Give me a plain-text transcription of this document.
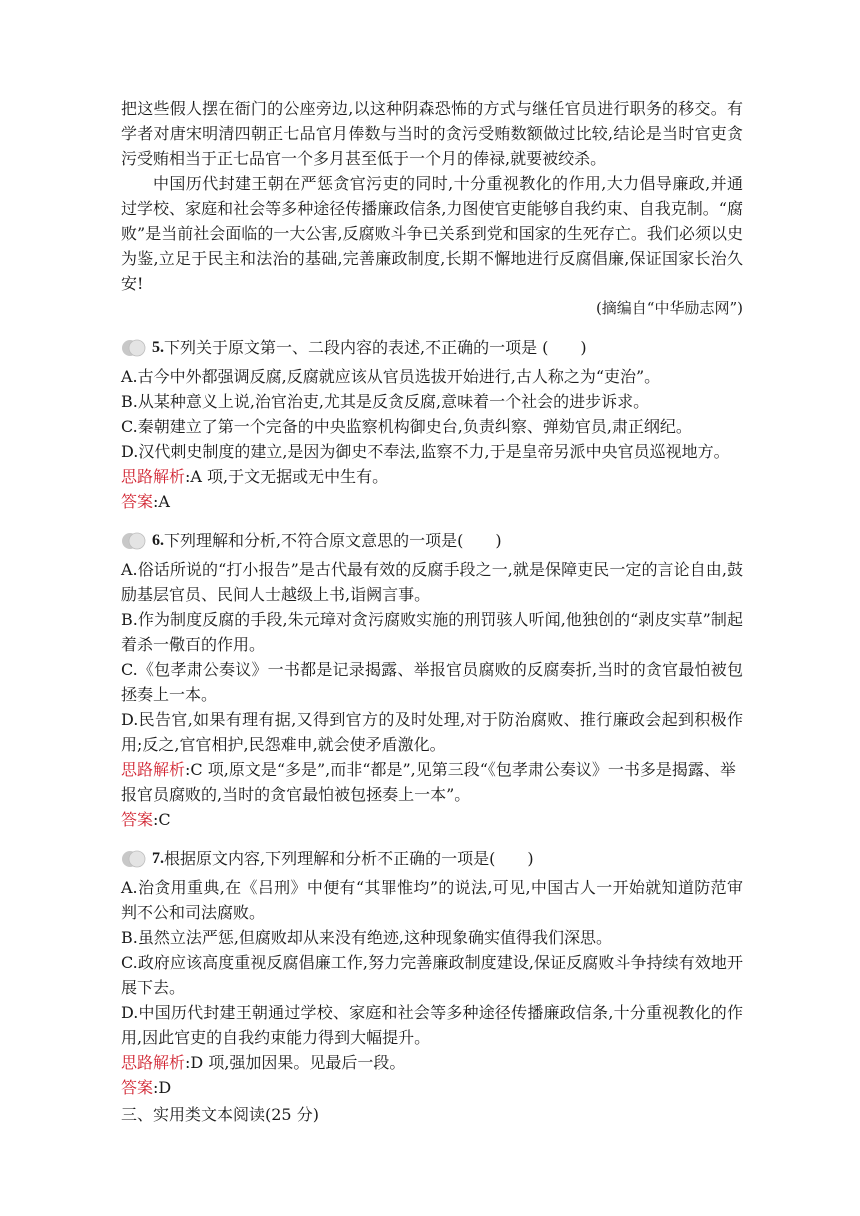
把这些假人摆在衙门的公座旁边,以这种阴森恐怖的方式与继任官员进行职务的移交。有学者对唐宋明清四朝正七品官月俸数与当时的贪污受贿数额做过比较,结论是当时官吏贪污受贿相当于正七品官一个多月甚至低于一个月的俸禄,就要被绞杀。

中国历代封建王朝在严惩贪官污吏的同时,十分重视教化的作用,大力倡导廉政,并通过学校、家庭和社会等多种途径传播廉政信条,力图使官吏能够自我约束、自我克制。“腐败”是当前社会面临的一大公害,反腐败斗争已关系到党和国家的生死存亡。我们必须以史为鉴,立足于民主和法治的基础,完善廉政制度,长期不懈地进行反腐倡廉,保证国家长治久安!

(摘编自“中华励志网”)

5. 下列关于原文第一、二段内容的表述,不正确的一项是 (　　)

A.古今中外都强调反腐,反腐就应该从官员选拔开始进行,古人称之为“吏治”。

B.从某种意义上说,治官治吏,尤其是反贪反腐,意味着一个社会的进步诉求。

C.秦朝建立了第一个完备的中央监察机构御史台,负责纠察、弹劾官员,肃正纲纪。

D.汉代刺史制度的建立,是因为御史不奉法,监察不力,于是皇帝另派中央官员巡视地方。

思路解析:A 项,于文无据或无中生有。

答案:A

6. 下列理解和分析,不符合原文意思的一项是(　　)

A.俗话所说的“打小报告”是古代最有效的反腐手段之一,就是保障吏民一定的言论自由,鼓励基层官员、民间人士越级上书,诣阙言事。

B.作为制度反腐的手段,朱元璋对贪污腐败实施的刑罚骇人听闻,他独创的“剥皮实草”制起着杀一儆百的作用。

C.《包孝肃公奏议》一书都是记录揭露、举报官员腐败的反腐奏折,当时的贪官最怕被包拯奏上一本。

D.民告官,如果有理有据,又得到官方的及时处理,对于防治腐败、推行廉政会起到积极作用;反之,官官相护,民怨难申,就会使矛盾激化。

思路解析:C 项,原文是“多是”,而非“都是”,见第三段“《包孝肃公奏议》一书多是揭露、举报官员腐败的,当时的贪官最怕被包拯奏上一本”。

答案:C

7. 根据原文内容,下列理解和分析不正确的一项是(　　)

A.治贪用重典,在《吕刑》中便有“其罪惟均”的说法,可见,中国古人一开始就知道防范审判不公和司法腐败。

B.虽然立法严惩,但腐败却从来没有绝迹,这种现象确实值得我们深思。

C.政府应该高度重视反腐倡廉工作,努力完善廉政制度建设,保证反腐败斗争持续有效地开展下去。

D.中国历代封建王朝通过学校、家庭和社会等多种途径传播廉政信条,十分重视教化的作用,因此官吏的自我约束能力得到大幅提升。

思路解析:D 项,强加因果。见最后一段。

答案:D

三、实用类文本阅读(25 分)
